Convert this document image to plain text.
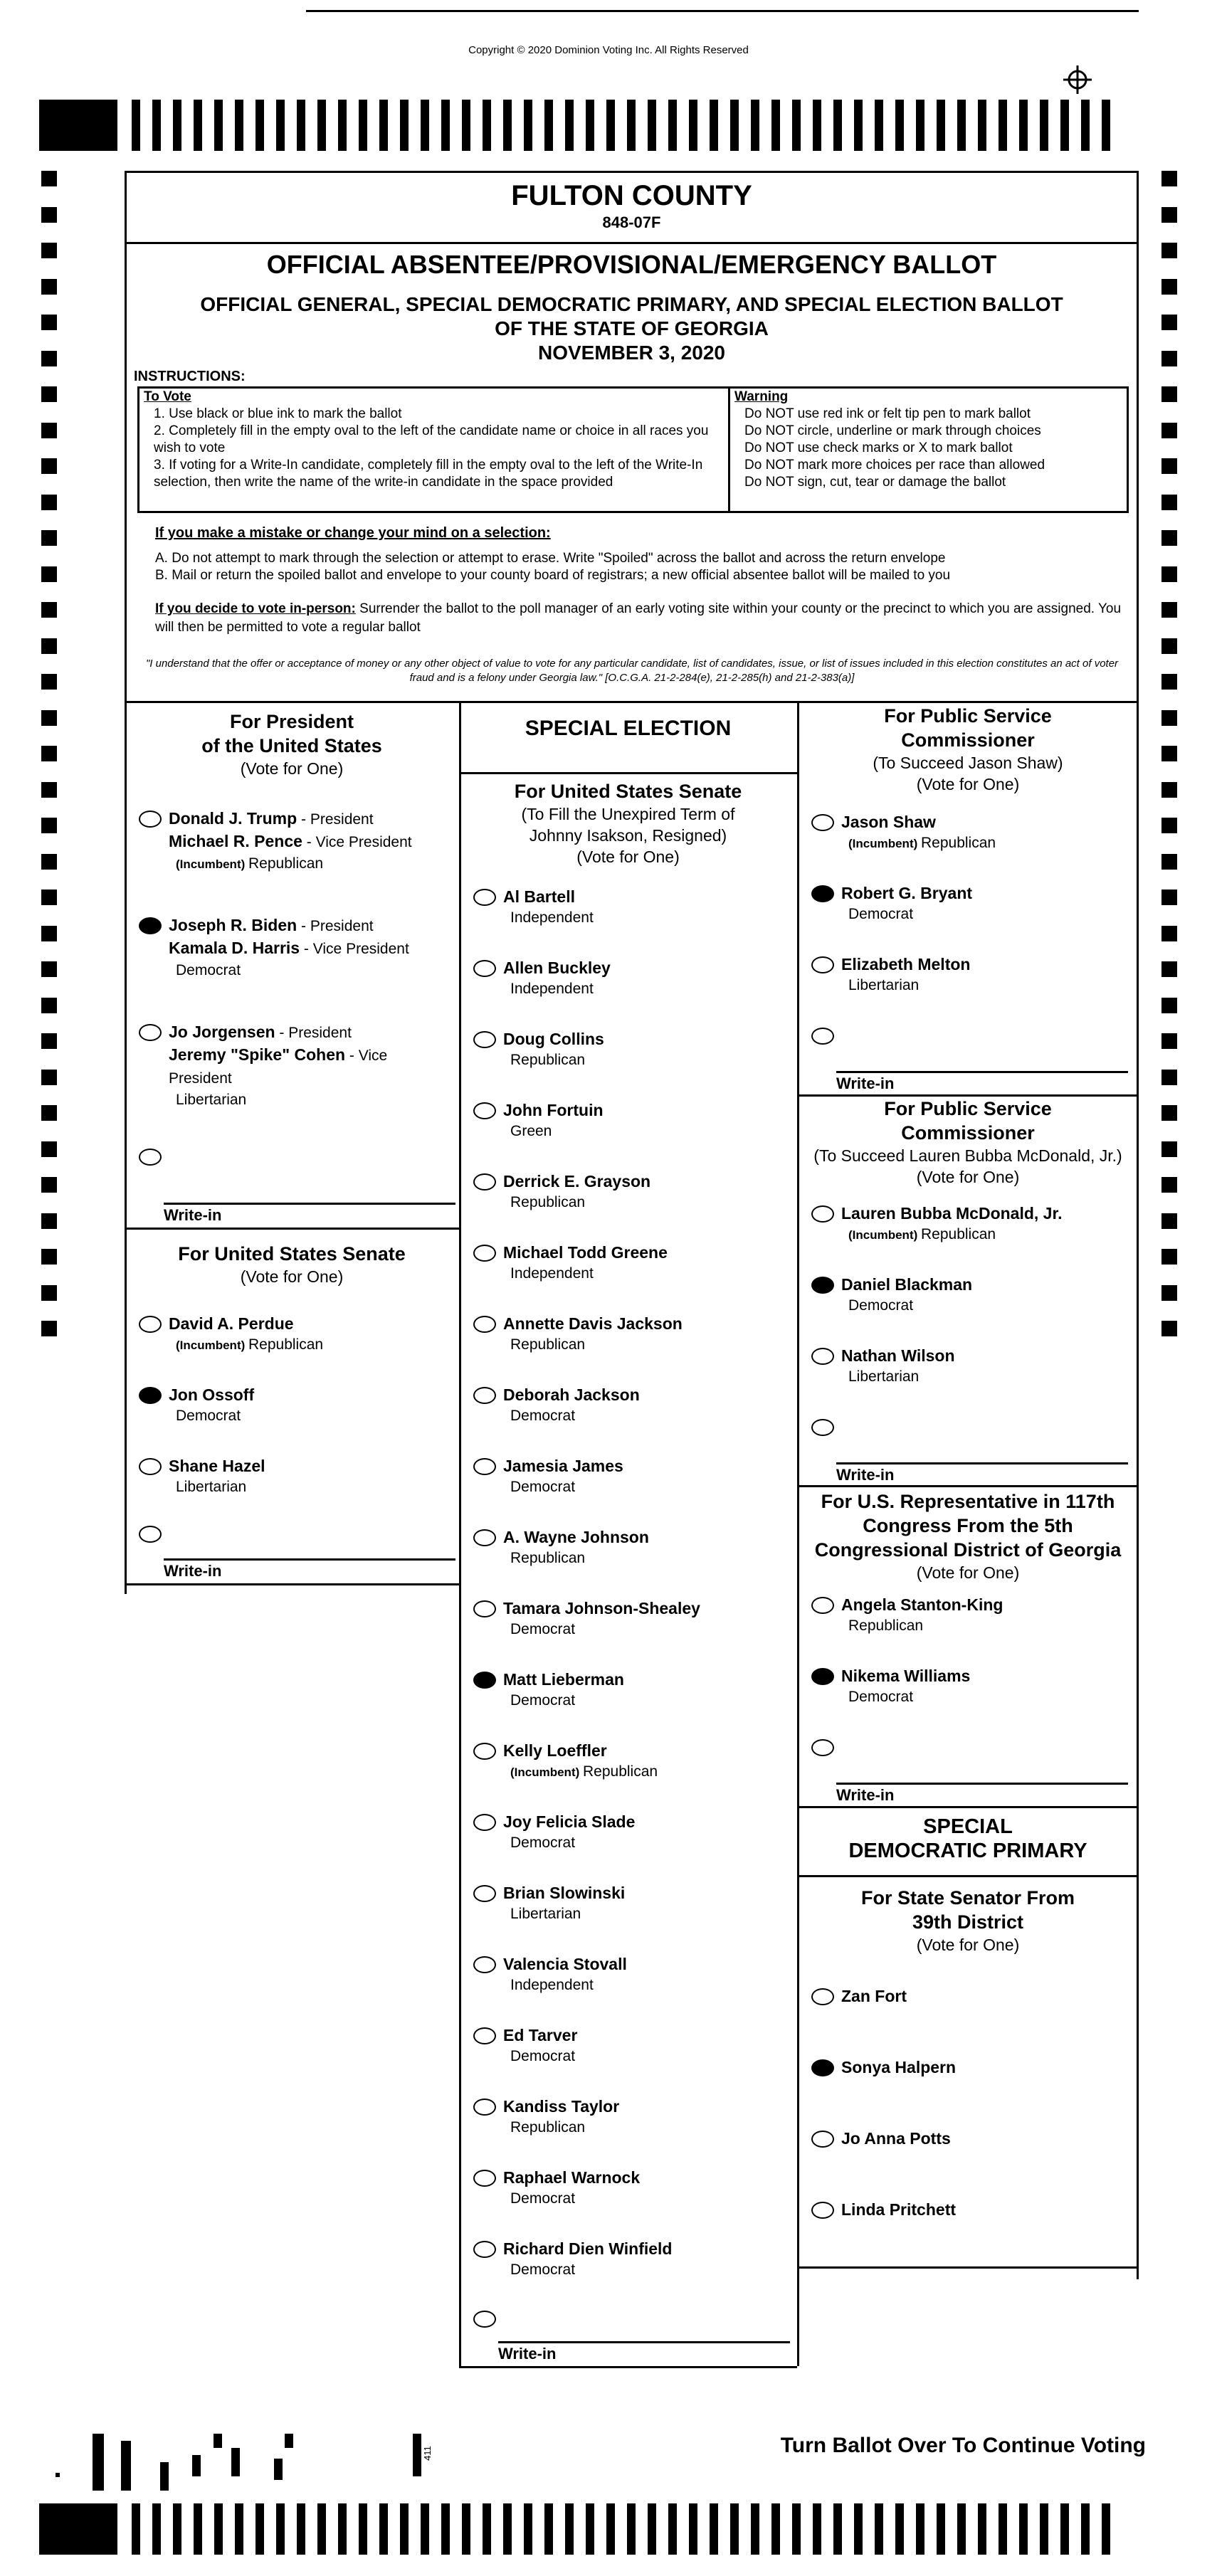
Copyright © 2020 Dominion Voting Inc. All Rights Reserved
FULTON COUNTY
848-07F
OFFICIAL ABSENTEE/PROVISIONAL/EMERGENCY BALLOT
OFFICIAL GENERAL, SPECIAL DEMOCRATIC PRIMARY, AND SPECIAL ELECTION BALLOT
OF THE STATE OF GEORGIA
NOVEMBER 3, 2020
INSTRUCTIONS:
To Vote
1. Use black or blue ink to mark the ballot
2. Completely fill in the empty oval to the left of the candidate name or choice in all races you wish to vote
3. If voting for a Write-In candidate, completely fill in the empty oval to the left of the Write-In selection, then write the name of the write-in candidate in the space provided
Warning
Do NOT use red ink or felt tip pen to mark ballot
Do NOT circle, underline or mark through choices
Do NOT use check marks or X to mark ballot
Do NOT mark more choices per race than allowed
Do NOT sign, cut, tear or damage the ballot
If you make a mistake or change your mind on a selection:
A. Do not attempt to mark through the selection or attempt to erase. Write "Spoiled" across the ballot and across the return envelope
B. Mail or return the spoiled ballot and envelope to your county board of registrars; a new official absentee ballot will be mailed to you
If you decide to vote in-person: Surrender the ballot to the poll manager of an early voting site within your county or the precinct to which you are assigned. You will then be permitted to vote a regular ballot
"I understand that the offer or acceptance of money or any other object of value to vote for any particular candidate, list of candidates, issue, or list of issues included in this election constitutes an act of voter fraud and is a felony under Georgia law." [O.C.G.A. 21-2-284(e), 21-2-285(h) and 21-2-383(a)]
For President
of the United States
(Vote for One)
Donald J. Trump - President
Michael R. Pence - Vice President
(Incumbent) Republican
Joseph R. Biden - President
Kamala D. Harris - Vice President
Democrat
Jo Jorgensen - President
Jeremy "Spike" Cohen - Vice President
Libertarian
Write-in
For United States Senate
(Vote for One)
David A. Perdue
(Incumbent) Republican
Jon Ossoff
Democrat
Shane Hazel
Libertarian
Write-in
SPECIAL ELECTION
For United States Senate
(To Fill the Unexpired Term of
Johnny Isakson, Resigned)
(Vote for One)
Al Bartell
Independent
Allen Buckley
Independent
Doug Collins
Republican
John Fortuin
Green
Derrick E. Grayson
Republican
Michael Todd Greene
Independent
Annette Davis Jackson
Republican
Deborah Jackson
Democrat
Jamesia James
Democrat
A. Wayne Johnson
Republican
Tamara Johnson-Shealey
Democrat
Matt Lieberman
Democrat
Kelly Loeffler
(Incumbent) Republican
Joy Felicia Slade
Democrat
Brian Slowinski
Libertarian
Valencia Stovall
Independent
Ed Tarver
Democrat
Kandiss Taylor
Republican
Raphael Warnock
Democrat
Richard Dien Winfield
Democrat
Write-in
For Public Service
Commissioner
(To Succeed Jason Shaw)
(Vote for One)
Jason Shaw
(Incumbent) Republican
Robert G. Bryant
Democrat
Elizabeth Melton
Libertarian
Write-in
For Public Service
Commissioner
(To Succeed Lauren Bubba McDonald, Jr.)
(Vote for One)
Lauren Bubba McDonald, Jr.
(Incumbent) Republican
Daniel Blackman
Democrat
Nathan Wilson
Libertarian
Write-in
For U.S. Representative in 117th
Congress From the 5th
Congressional District of Georgia
(Vote for One)
Angela Stanton-King
Republican
Nikema Williams
Democrat
Write-in
SPECIAL
DEMOCRATIC PRIMARY
For State Senator From
39th District
(Vote for One)
Zan Fort
Sonya Halpern
Jo Anna Potts
Linda Pritchett
Turn Ballot Over To Continue Voting
411
